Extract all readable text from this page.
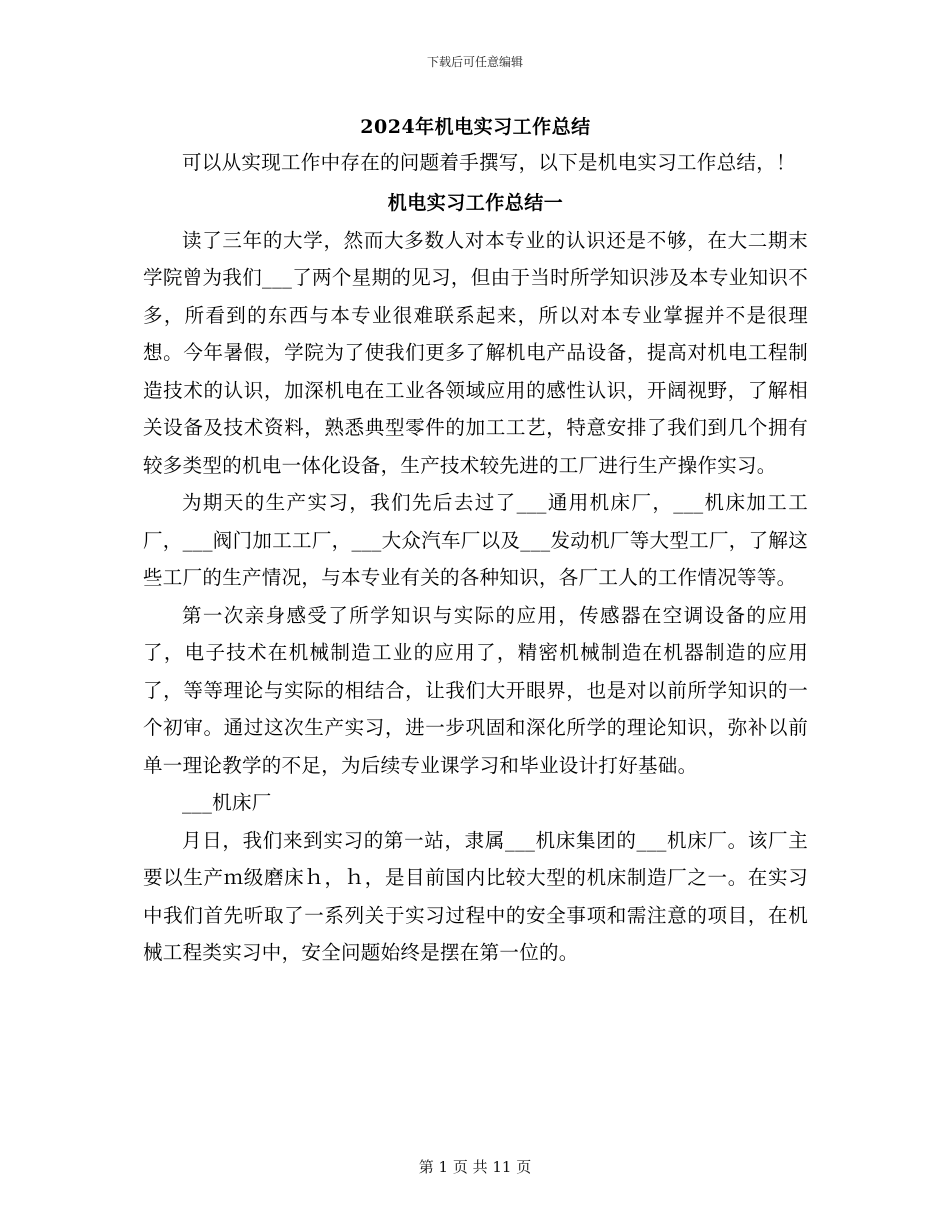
下载后可任意编辑
2024年机电实习工作总结

可以从实现工作中存在的问题着手撰写，以下是机电实习工作总结，！

机电实习工作总结一

读了三年的大学，然而大多数人对本专业的认识还是不够，在大二期末学院曾为我们___了两个星期的见习，但由于当时所学知识涉及本专业知识不多，所看到的东西与本专业很难联系起来，所以对本专业掌握并不是很理想。今年暑假，学院为了使我们更多了解机电产品设备，提高对机电工程制造技术的认识，加深机电在工业各领域应用的感性认识，开阔视野，了解相关设备及技术资料，熟悉典型零件的加工工艺，特意安排了我们到几个拥有较多类型的机电一体化设备，生产技术较先进的工厂进行生产操作实习。

为期天的生产实习，我们先后去过了___通用机床厂，___机床加工工厂，___阀门加工工厂，___大众汽车厂以及___发动机厂等大型工厂，了解这些工厂的生产情况，与本专业有关的各种知识，各厂工人的工作情况等等。

第一次亲身感受了所学知识与实际的应用，传感器在空调设备的应用了，电子技术在机械制造工业的应用了，精密机械制造在机器制造的应用了，等等理论与实际的相结合，让我们大开眼界，也是对以前所学知识的一个初审。通过这次生产实习，进一步巩固和深化所学的理论知识，弥补以前单一理论教学的不足，为后续专业课学习和毕业设计打好基础。

___机床厂

月日，我们来到实习的第一站，隶属___机床集团的___机床厂。该厂主要以生产ｍ级磨床ｈ，ｈ，是目前国内比较大型的机床制造厂之一。在实习中我们首先听取了一系列关于实习过程中的安全事项和需注意的项目，在机械工程类实习中，安全问题始终是摆在第一位的。

第 1 页 共 11 页
